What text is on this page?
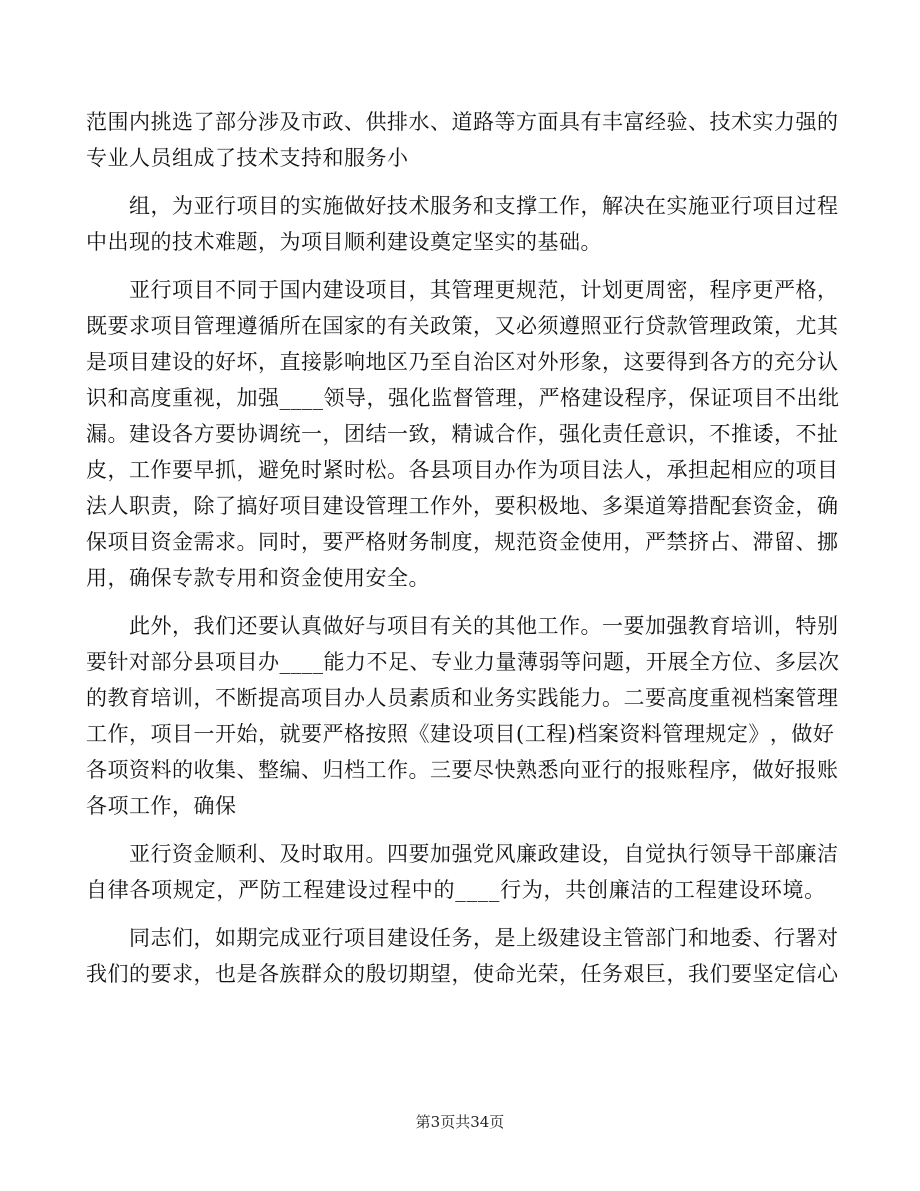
范 围 内 挑 选 了 部 分 涉 及 市 政 、 供 排 水 、 道 路 等 方 面 具 有 丰 富 经 验 、 技 术 实 力 强 的
专业人员组成了技术支持和服务小
组 ， 为 亚 行 项 目 的 实 施 做 好 技 术 服 务 和 支 撑 工 作 ， 解 决 在 实 施 亚 行 项 目 过 程
中出现的技术难题，为项目顺利建设奠定坚实的基础。
亚 行 项 目 不 同 于 国 内 建 设 项 目 ， 其 管 理 更 规 范 ， 计 划 更 周 密 ， 程 序 更 严 格 ，
既 要 求 项 目 管 理 遵 循 所 在 国 家 的 有 关 政 策 ， 又 必 须 遵 照 亚 行 贷 款 管 理 政 策 ， 尤 其
是 项 目 建 设 的 好 坏 ， 直 接 影 响 地 区 乃 至 自 治 区 对 外 形 象 ， 这 要 得 到 各 方 的 充 分 认
识 和 高 度 重 视 ， 加 强 _ _ _ _ 领 导 ， 强 化 监 督 管 理 ， 严 格 建 设 程 序 ， 保 证 项 目 不 出 纰
漏 。 建 设 各 方 要 协 调 统 一 ， 团 结 一 致 ， 精 诚 合 作 ， 强 化 责 任 意 识 ， 不 推 诿 ， 不 扯
皮 ， 工 作 要 早 抓 ， 避 免 时 紧 时 松 。 各 县 项 目 办 作 为 项 目 法 人 ， 承 担 起 相 应 的 项 目
法 人 职 责 ， 除 了 搞 好 项 目 建 设 管 理 工 作 外 ， 要 积 极 地 、 多 渠 道 筹 措 配 套 资 金 ， 确
保 项 目 资 金 需 求 。 同 时 ， 要 严 格 财 务 制 度 ， 规 范 资 金 使 用 ， 严 禁 挤 占 、 滞 留 、 挪
用，确保专款专用和资金使用安全。
此 外 ， 我 们 还 要 认 真 做 好 与 项 目 有 关 的 其 他 工 作 。 一 要 加 强 教 育 培 训 ， 特 别
要 针 对 部 分 县 项 目 办 _ _ _ _ 能 力 不 足 、 专 业 力 量 薄 弱 等 问 题 ， 开 展 全 方 位 、 多 层 次
的 教 育 培 训 ， 不 断 提 高 项 目 办 人 员 素 质 和 业 务 实 践 能 力 。 二 要 高 度 重 视 档 案 管 理
工 作 ， 项 目 一 开 始 ， 就 要 严 格 按 照 《 建 设 项 目 ( 工 程 ) 档 案 资 料 管 理 规 定 》 ， 做 好
各 项 资 料 的 收 集 、 整 编 、 归 档 工 作 。 三 要 尽 快 熟 悉 向 亚 行 的 报 账 程 序 ， 做 好 报 账
各项工作，确保
亚 行 资 金 顺 利 、 及 时 取 用 。 四 要 加 强 党 风 廉 政 建 设 ， 自 觉 执 行 领 导 干 部 廉 洁
自 律 各 项 规 定 ， 严 防 工 程 建 设 过 程 中 的 _ _ _ _ 行 为 ， 共 创 廉 洁 的 工 程 建 设 环 境 。
同 志 们 ， 如 期 完 成 亚 行 项 目 建 设 任 务 ， 是 上 级 建 设 主 管 部 门 和 地 委 、 行 署 对
我 们 的 要 求 ， 也 是 各 族 群 众 的 殷 切 期 望 ， 使 命 光 荣 ， 任 务 艰 巨 ， 我 们 要 坚 定 信 心
第3页共34页
